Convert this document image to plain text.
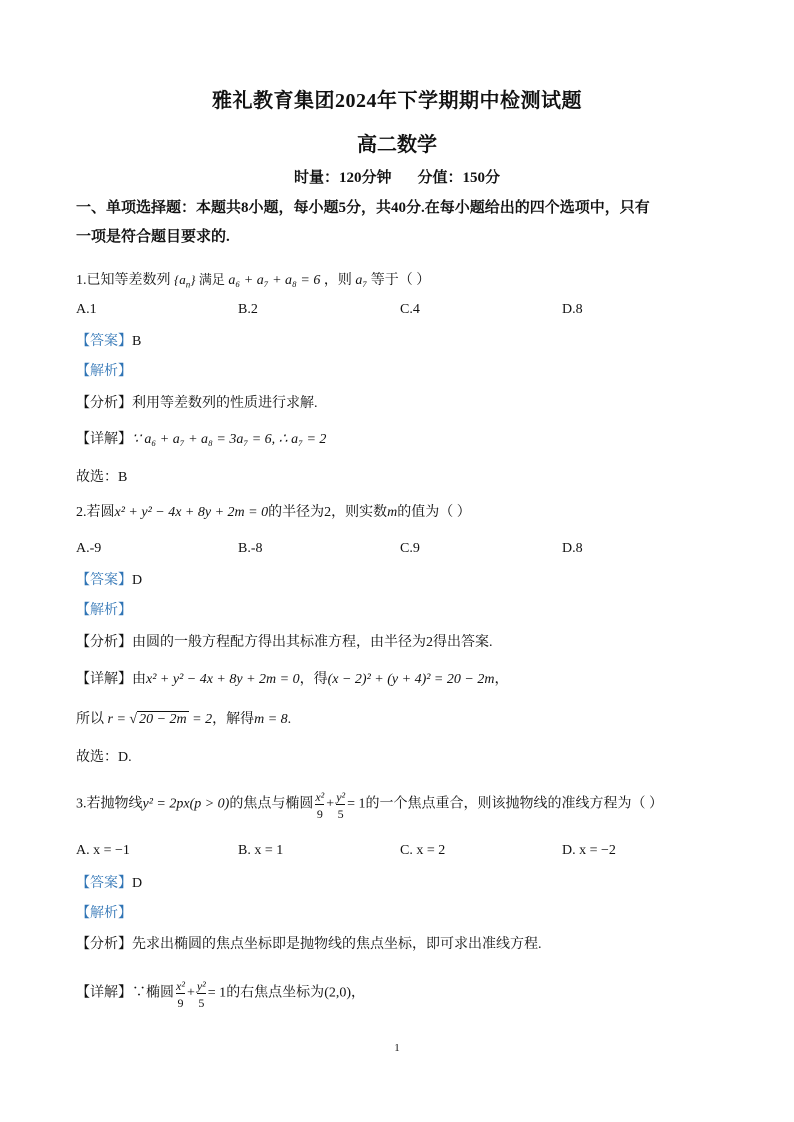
雅礼教育集团2024年下学期期中检测试题
高二数学
时量：120分钟 分值：150分
一、单项选择题：本题共8小题，每小题5分，共40分.在每小题给出的四个选项中，只有
一项是符合题目要求的.
1.已知等差数列 $\{a_n\}$ 满足 a₆ + a₇ + a₈ = 6 ，则 a₇ 等于（ ）
A.1	B.2	C.4	D.8
【答案】B
【解析】
【分析】利用等差数列的性质进行求解.
【详解】∵ a₆ + a₇ + a₈ = 3a₇ = 6, ∴ a₇ = 2
故选：B
2.若圆x² + y² − 4x + 8y + 2m = 0的半径为2，则实数m的值为（ ）
A.-9	B.-8	C.9	D.8
【答案】D
【解析】
【分析】由圆的一般方程配方得出其标准方程，由半径为2得出答案.
【详解】由x² + y² − 4x + 8y + 2m = 0，得(x − 2)² + (y + 4)² = 20 − 2m，
所以 r = √ 20 − 2m = 2，解得m = 8.
故选：D.
3.若抛物线y² = 2px(p > 0)的焦点与椭圆 $\frac{\text{x²}}{9} + \frac{\text{y²}}{5} = 1$的一个焦点重合，则该抛物线的准线方程为（ ）
A. x = −1	B. x = 1	C. x = 2	D. x = −2
【答案】D
【解析】
【分析】先求出椭圆的焦点坐标即是抛物线的焦点坐标，即可求出准线方程.
【详解】∵椭圆 $\frac{\text{x²}}{9} + \frac{\text{y²}}{5} = 1$的右焦点坐标为(2,0)，
1
